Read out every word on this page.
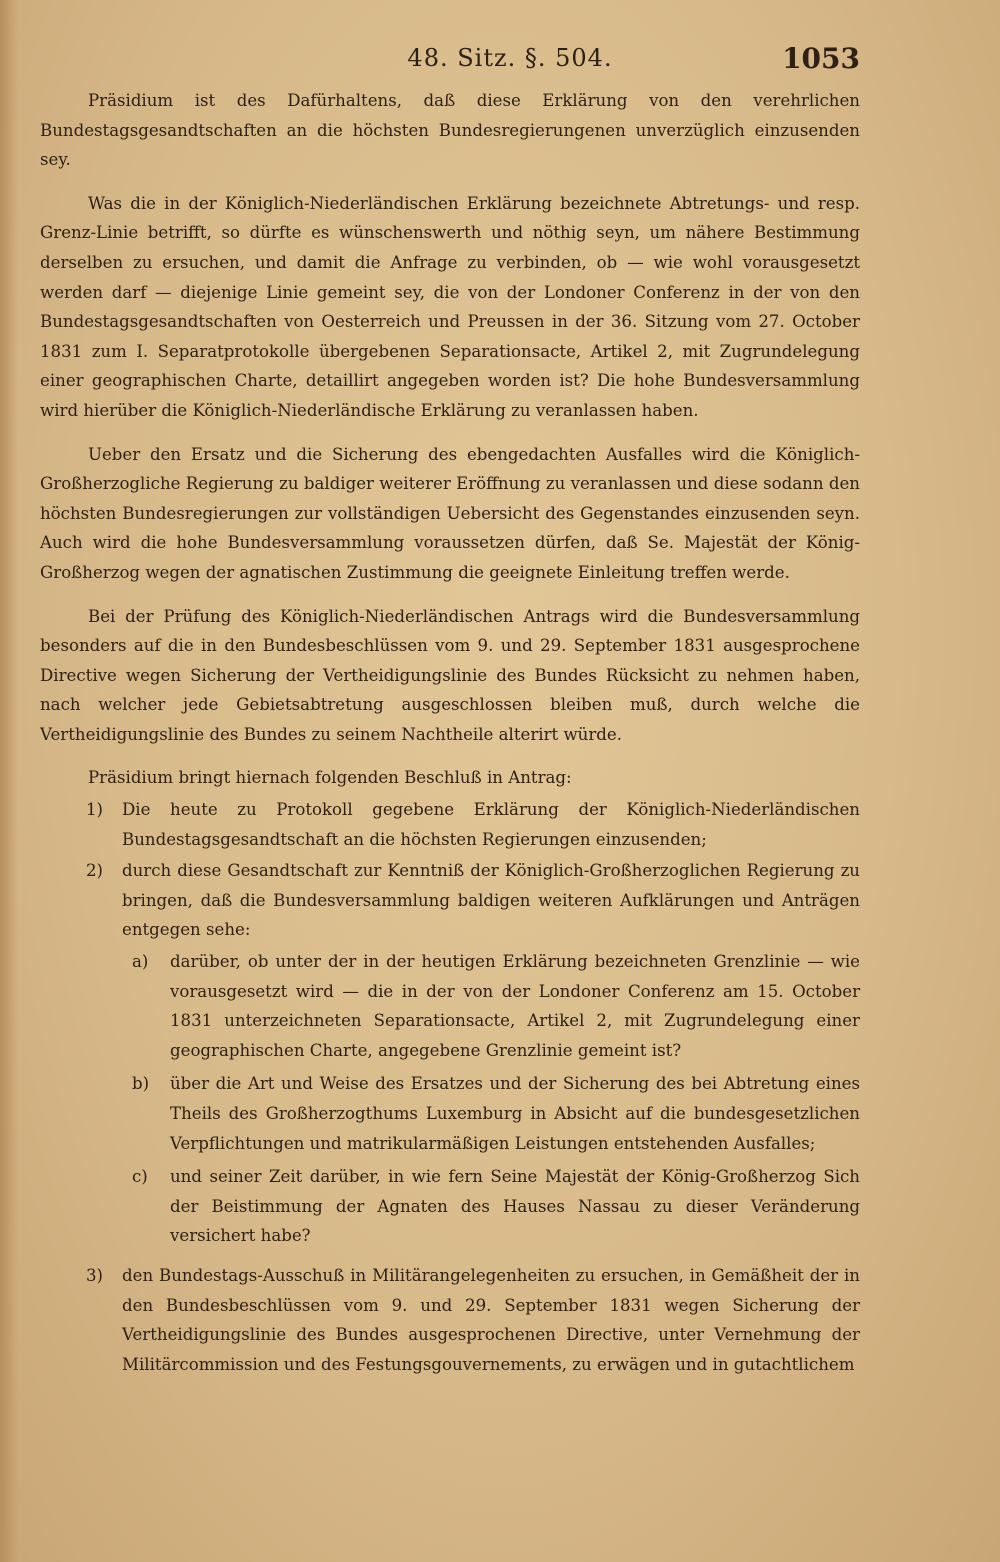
48. Sitz. §. 504.	1053

Präsidium ist des Dafürhaltens, daß diese Erklärung von den verehrlichen Bundestagsgesandtschaften an die höchsten Bundesregierungenen unverzüglich einzusenden sey.

Was die in der Königlich-Niederländischen Erklärung bezeichnete Abtretungs- und resp. Grenz-Linie betrifft, so dürfte es wünschenswerth und nöthig seyn, um nähere Bestimmung derselben zu ersuchen, und damit die Anfrage zu verbinden, ob — wie wohl vorausgesetzt werden darf — diejenige Linie gemeint sey, die von der Londoner Conferenz in der von den Bundestagsgesandtschaften von Oesterreich und Preussen in der 36. Sitzung vom 27. October 1831 zum I. Separatprotokolle übergebenen Separationsacte, Artikel 2, mit Zugrundelegung einer geographischen Charte, detaillirt angegeben worden ist? Die hohe Bundesversammlung wird hierüber die Königlich-Niederländische Erklärung zu veranlassen haben.

Ueber den Ersatz und die Sicherung des ebengedachten Ausfalles wird die Königlich-Großherzogliche Regierung zu baldiger weiterer Eröffnung zu veranlassen und diese sodann den höchsten Bundesregierungen zur vollständigen Uebersicht des Gegenstandes einzusenden seyn. Auch wird die hohe Bundesversammlung voraussetzen dürfen, daß Se. Majestät der König-Großherzog wegen der agnatischen Zustimmung die geeignete Einleitung treffen werde.

Bei der Prüfung des Königlich-Niederländischen Antrags wird die Bundesversammlung besonders auf die in den Bundesbeschlüssen vom 9. und 29. September 1831 ausgesprochene Directive wegen Sicherung der Vertheidigungslinie des Bundes Rücksicht zu nehmen haben, nach welcher jede Gebietsabtretung ausgeschlossen bleiben muß, durch welche die Vertheidigungslinie des Bundes zu seinem Nachtheile alterirt würde.

Präsidium bringt hiernach folgenden Beschluß in Antrag:

1) Die heute zu Protokoll gegebene Erklärung der Königlich-Niederländischen Bundestagsgesandtschaft an die höchsten Regierungen einzusenden;

2) durch diese Gesandtschaft zur Kenntniß der Königlich-Großherzoglichen Regierung zu bringen, daß die Bundesversammlung baldigen weiteren Aufklärungen und Anträgen entgegen sehe:

a) darüber, ob unter der in der heutigen Erklärung bezeichneten Grenzlinie — wie vorausgesetzt wird — die in der von der Londoner Conferenz am 15. October 1831 unterzeichneten Separationsacte, Artikel 2, mit Zugrundelegung einer geographischen Charte, angegebene Grenzlinie gemeint ist?

b) über die Art und Weise des Ersatzes und der Sicherung des bei Abtretung eines Theils des Großherzogthums Luxemburg in Absicht auf die bundesgesetzlichen Verpflichtungen und matrikularmäßigen Leistungen entstehenden Ausfalles;

c) und seiner Zeit darüber, in wie fern Seine Majestät der König-Großherzog Sich der Beistimmung der Agnaten des Hauses Nassau zu dieser Veränderung versichert habe?

3) den Bundestags-Ausschuß in Militärangelegenheiten zu ersuchen, in Gemäßheit der in den Bundesbeschlüssen vom 9. und 29. September 1831 wegen Sicherung der Vertheidigungslinie des Bundes ausgesprochenen Directive, unter Vernehmung der Militärcommission und des Festungsgouvernements, zu erwägen und in gutachtlichem
